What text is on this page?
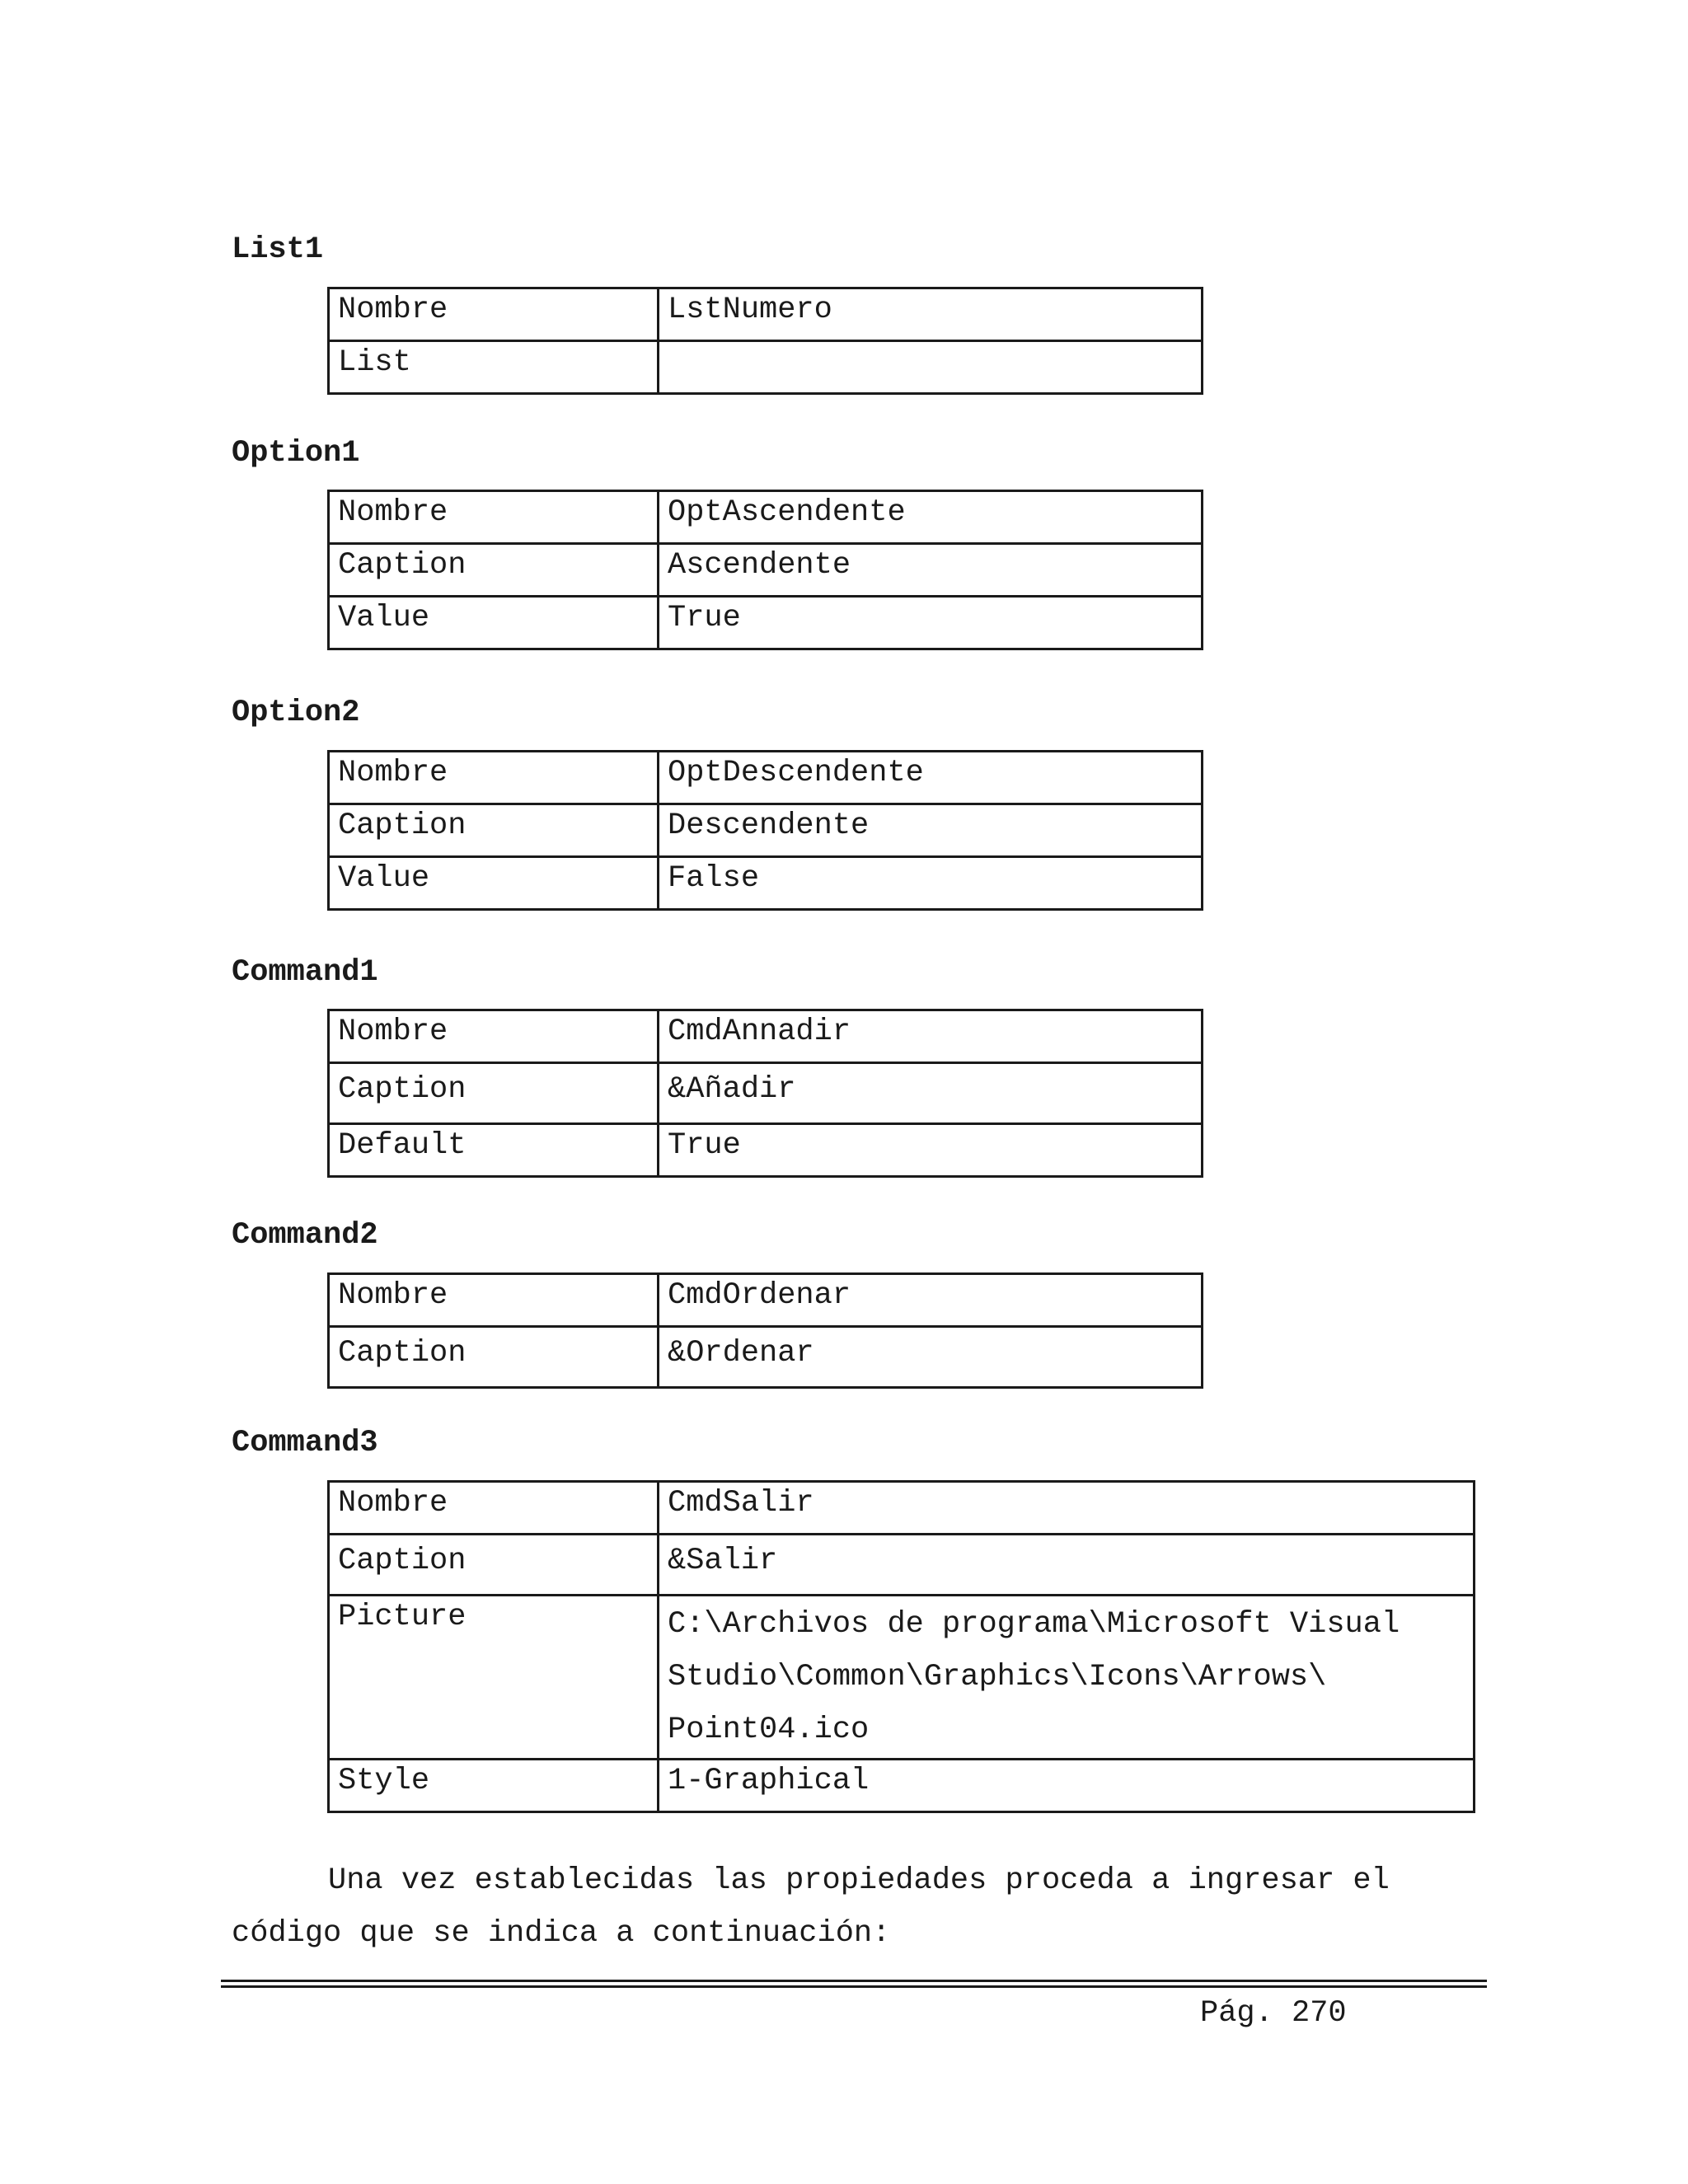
List1

Nombre	LstNumero
List	

Option1

Nombre	OptAscendente
Caption	Ascendente
Value	True

Option2

Nombre	OptDescendente
Caption	Descendente
Value	False

Command1

Nombre	CmdAnnadir
Caption	&Añadir
Default	True

Command2

Nombre	CmdOrdenar
Caption	&Ordenar

Command3

Nombre	CmdSalir
Caption	&Salir
Picture	C:\Archivos de programa\Microsoft Visual
Studio\Common\Graphics\Icons\Arrows\
Point04.ico

Style	1-Graphical

Una vez establecidas las propiedades proceda a ingresar el
código que se indica a continuación:

Pág. 270
